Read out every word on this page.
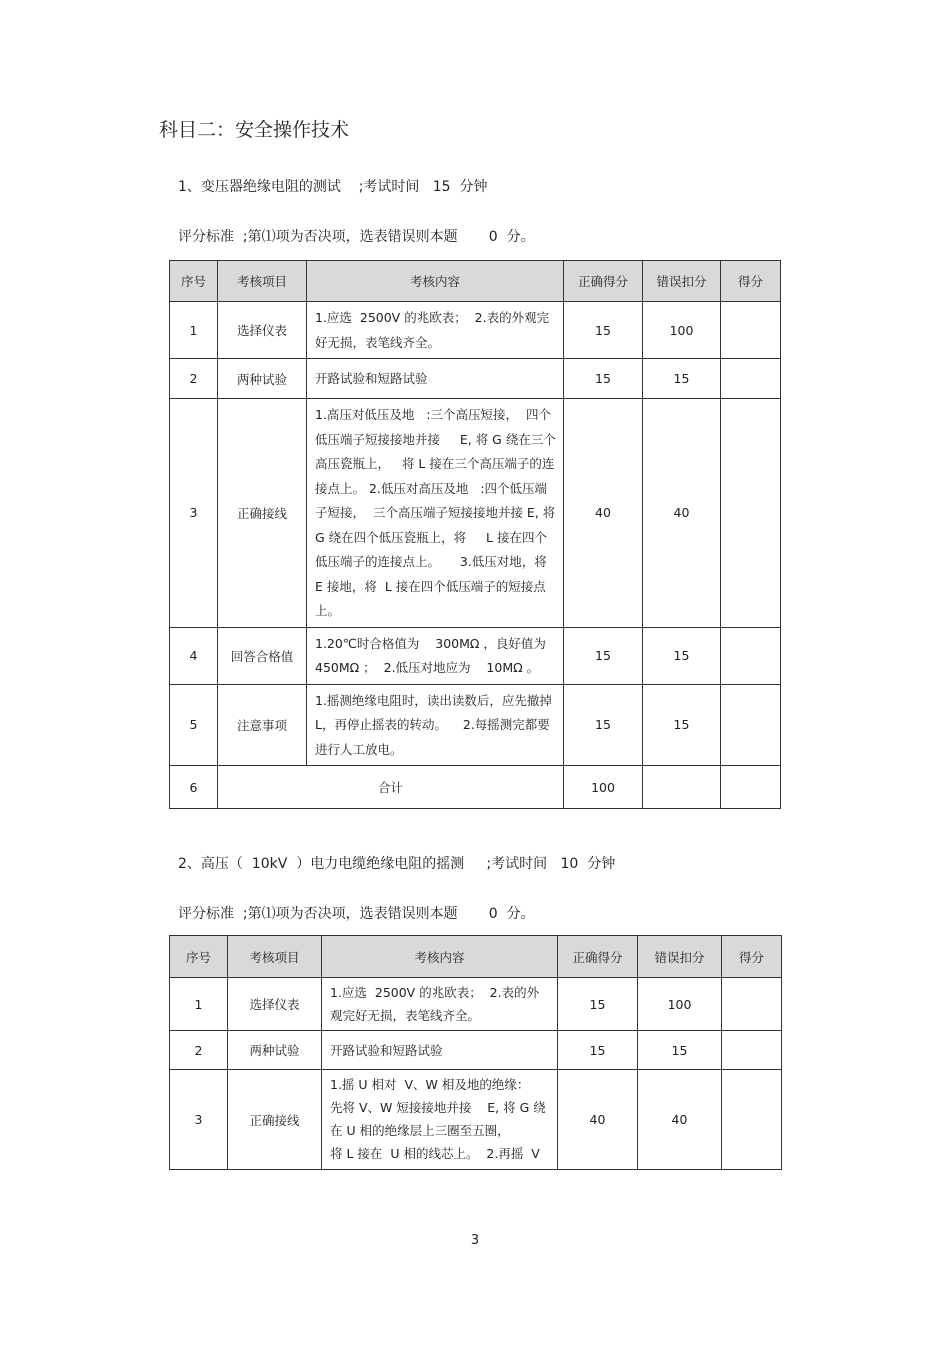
科目二：安全操作技术
1、变压器绝缘电阻的测试    ;考试时间   15  分钟
评分标准  ;第⑴项为否决项，选表错误则本题       0  分。
序号	考核项目	考核内容	正确得分	错误扣分	得分
1	选择仪表	1.应选  2500V 的兆欧表；  2.表的外观完好无损，表笔线齐全。	15	100	
2	两种试验	开路试验和短路试验	15	15	
3	正确接线	1.高压对低压及地   :三个高压短接，  四个低压端子短接接地并接     E, 将 G 绕在三个高压瓷瓶上，   将 L 接在三个高压端子的连接点上。 2.低压对高压及地   :四个低压端子短接，  三个高压端子短接接地并接 E, 将 G 绕在四个低压瓷瓶上，将     L 接在四个低压端子的连接点上。     3.低压对地，将  E 接地，将  L 接在四个低压端子的短接点上。	40	40	
4	回答合格值	1.20℃时合格值为    300MΩ ，良好值为 450MΩ ；  2.低压对地应为    10MΩ 。	15	15	
5	注意事项	1.摇测绝缘电阻时，读出读数后，应先撤掉 L，再停止摇表的转动。    2.每摇测完都要进行人工放电。	15	15	
6	合计		100		
2、高压（  10kV  ）电力电缆绝缘电阻的摇测     ;考试时间   10  分钟
评分标准  ;第⑴项为否决项，选表错误则本题       0  分。
序号	考核项目	考核内容	正确得分	错误扣分	得分
1	选择仪表	1.应选  2500V 的兆欧表；  2.表的外观完好无损，表笔线齐全。	15	100	
2	两种试验	开路试验和短路试验	15	15	
3	正确接线	1.摇 U 相对  V、W 相及地的绝缘：
先将 V、W 短接接地并接    E, 将 G 绕在 U 相的绝缘层上三圈至五圈，
将 L 接在  U 相的线芯上。  2.再摇  V	40	40	
3
